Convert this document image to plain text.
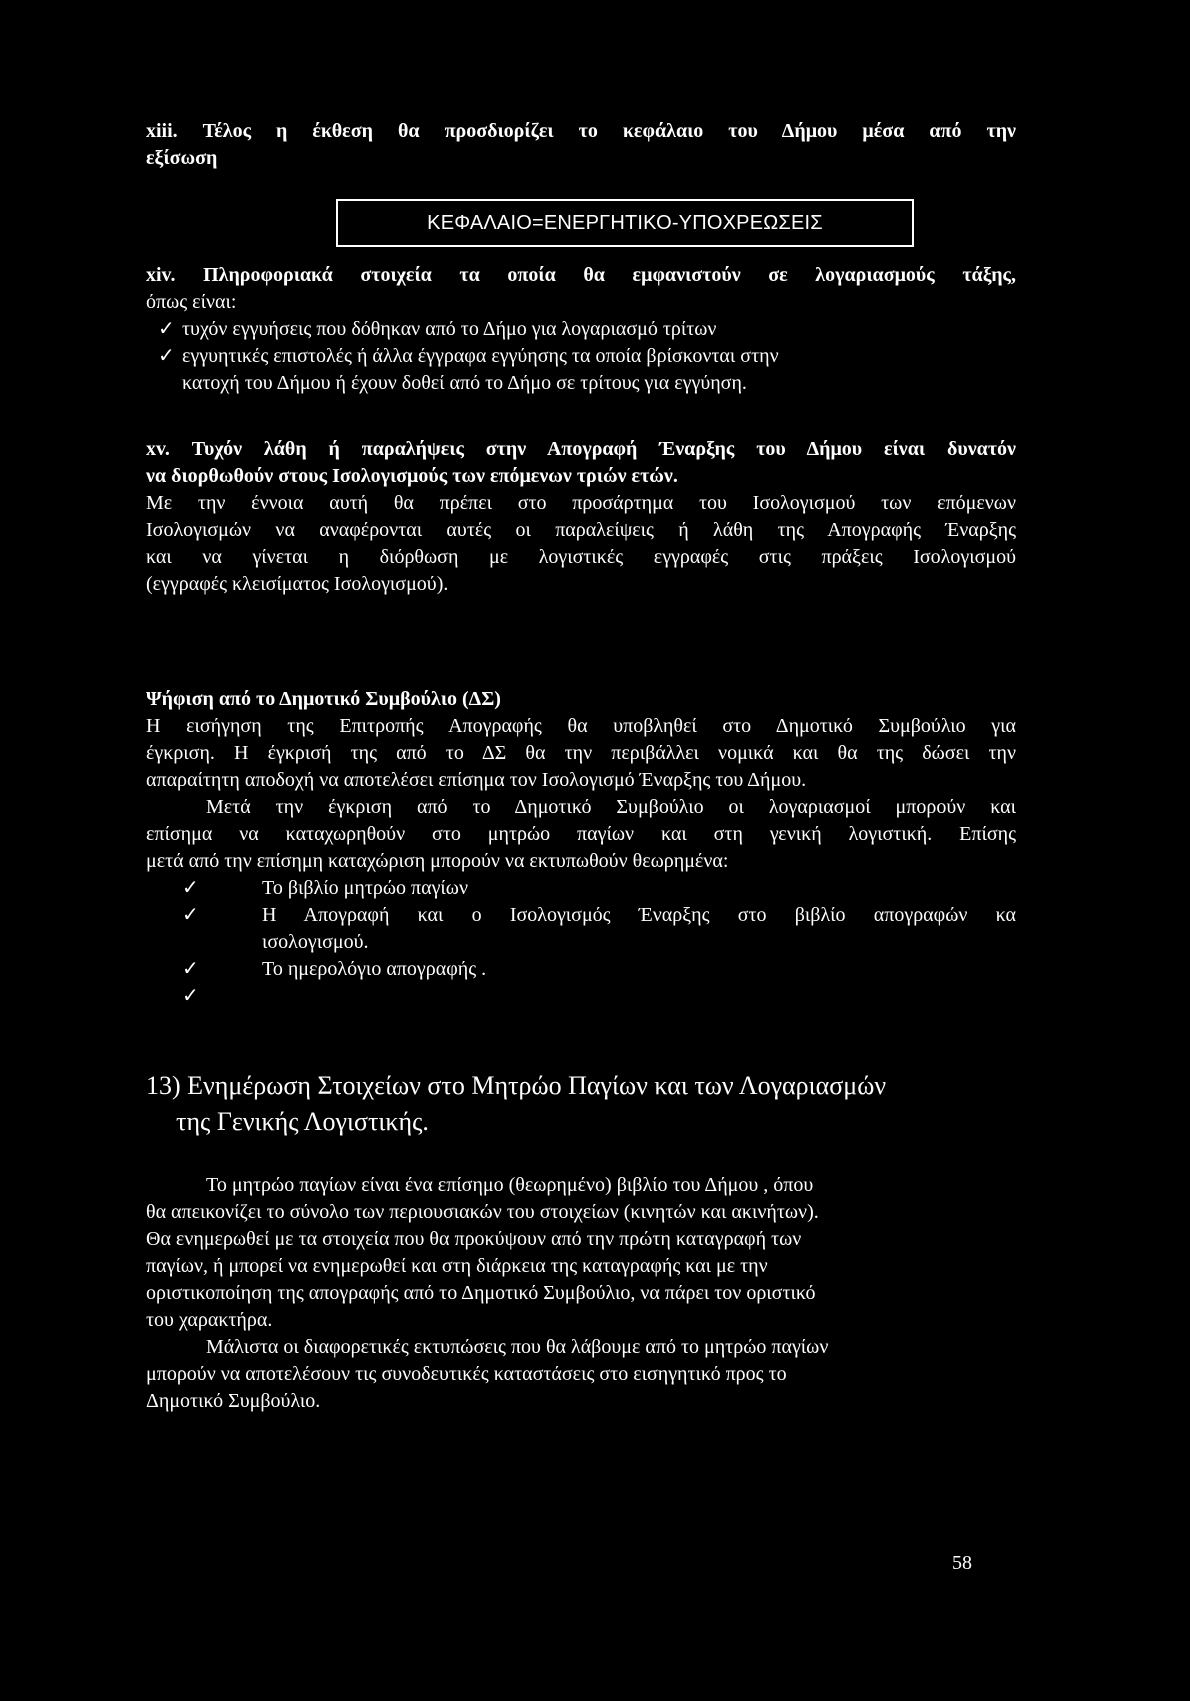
xiii. Τέλος η έκθεση θα προσδιορίζει το κεφάλαιο του Δήμου μέσα από την
εξίσωση
ΚΕΦΑΛΑΙΟ=ΕΝΕΡΓΗΤΙΚΟ-ΥΠΟΧΡΕΩΣΕΙΣ
xiv. Πληροφοριακά στοιχεία τα οποία θα εμφανιστούν σε λογαριασμούς τάξης,
όπως είναι:
✓ τυχόν εγγυήσεις που δόθηκαν από το Δήμο για λογαριασμό τρίτων
✓ εγγυητικές επιστολές ή άλλα έγγραφα εγγύησης τα οποία βρίσκονται στην
κατοχή του Δήμου ή έχουν δοθεί από το Δήμο σε τρίτους για εγγύηση.
xv. Τυχόν λάθη ή παραλήψεις στην Απογραφή Έναρξης του Δήμου είναι δυνατόν
να διορθωθούν στους Ισολογισμούς των επόμενων τριών ετών.
Με την έννοια αυτή θα πρέπει στο προσάρτημα του Ισολογισμού των επόμενων
Ισολογισμών να αναφέρονται αυτές οι παραλείψεις ή λάθη της Απογραφής Έναρξης
και να γίνεται η διόρθωση με λογιστικές εγγραφές στις πράξεις Ισολογισμού
(εγγραφές κλεισίματος Ισολογισμού).
Ψήφιση από το Δημοτικό Συμβούλιο (ΔΣ)
Η εισήγηση της Επιτροπής Απογραφής θα υποβληθεί στο Δημοτικό Συμβούλιο για
έγκριση. Η έγκρισή της από το ΔΣ θα την περιβάλλει νομικά και θα της δώσει την
απαραίτητη αποδοχή να αποτελέσει επίσημα τον Ισολογισμό Έναρξης του Δήμου.
Μετά την έγκριση από το Δημοτικό Συμβούλιο οι λογαριασμοί μπορούν και
επίσημα να καταχωρηθούν στο μητρώο παγίων και στη γενική λογιστική. Επίσης
μετά από την επίσημη καταχώριση μπορούν να εκτυπωθούν θεωρημένα:
✓	Το βιβλίο μητρώο παγίων
✓	Η Απογραφή και ο Ισολογισμός Έναρξης στο βιβλίο απογραφών κα
ισολογισμού.
✓	Το ημερολόγιο απογραφής .
✓

13) Ενημέρωση Στοιχείων στο Μητρώο Παγίων και των Λογαριασμών
της Γενικής Λογιστικής.
Το μητρώο παγίων είναι ένα επίσημο (θεωρημένο) βιβλίο του Δήμου , όπου
θα απεικονίζει το σύνολο των περιουσιακών του στοιχείων (κινητών και ακινήτων).
Θα ενημερωθεί με τα στοιχεία που θα προκύψουν από την πρώτη καταγραφή των
παγίων, ή μπορεί να ενημερωθεί και στη διάρκεια της καταγραφής και με την
οριστικοποίηση της απογραφής από το Δημοτικό Συμβούλιο, να πάρει τον οριστικό
του χαρακτήρα.
Μάλιστα οι διαφορετικές εκτυπώσεις που θα λάβουμε από το μητρώο παγίων
μπορούν να αποτελέσουν τις συνοδευτικές καταστάσεις στο εισηγητικό προς το
Δημοτικό Συμβούλιο.
58
